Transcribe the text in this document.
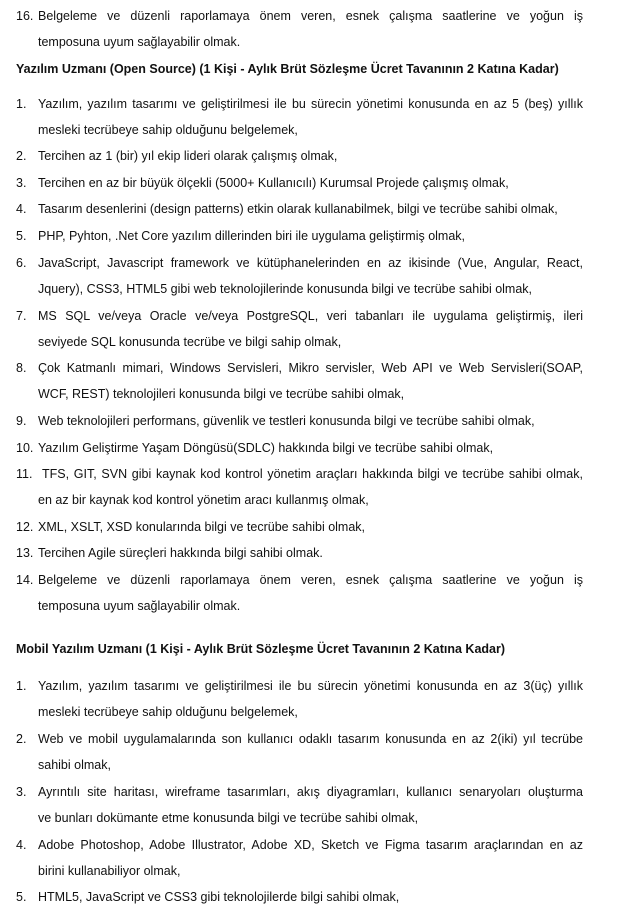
16. Belgeleme ve düzenli raporlamaya önem veren, esnek çalışma saatlerine ve yoğun iş
temposuna uyum sağlayabilir olmak.
Yazılım Uzmanı (Open Source) (1 Kişi - Aylık Brüt Sözleşme Ücret Tavanının 2 Katına Kadar)
1. Yazılım, yazılım tasarımı ve geliştirilmesi ile bu sürecin yönetimi konusunda en az 5 (beş) yıllık
mesleki tecrübeye sahip olduğunu belgelemek,
2. Tercihen az 1 (bir) yıl ekip lideri olarak çalışmış olmak,
3. Tercihen en az bir büyük ölçekli (5000+ Kullanıcılı) Kurumsal Projede çalışmış olmak,
4. Tasarım desenlerini (design patterns) etkin olarak kullanabilmek, bilgi ve tecrübe sahibi olmak,
5. PHP, Pyhton, .Net Core yazılım dillerinden biri ile uygulama geliştirmiş olmak,
6. JavaScript, Javascript framework ve kütüphanelerinden en az ikisinde (Vue, Angular, React,
Jquery), CSS3, HTML5 gibi web teknolojilerinde konusunda bilgi ve tecrübe sahibi olmak,
7. MS SQL ve/veya Oracle ve/veya PostgreSQL, veri tabanları ile uygulama geliştirmiş, ileri
seviyede SQL konusunda tecrübe ve bilgi sahip olmak,
8. Çok Katmanlı mimari, Windows Servisleri, Mikro servisler, Web API ve Web Servisleri(SOAP,
WCF, REST) teknolojileri konusunda bilgi ve tecrübe sahibi olmak,
9. Web teknolojileri performans, güvenlik ve testleri konusunda bilgi ve tecrübe sahibi olmak,
10. Yazılım Geliştirme Yaşam Döngüsü(SDLC) hakkında bilgi ve tecrübe sahibi olmak,
11. TFS, GIT, SVN gibi kaynak kod kontrol yönetim araçları hakkında bilgi ve tecrübe sahibi olmak,
en az bir kaynak kod kontrol yönetim aracı kullanmış olmak,
12. XML, XSLT, XSD konularında bilgi ve tecrübe sahibi olmak,
13. Tercihen Agile süreçleri hakkında bilgi sahibi olmak.
14. Belgeleme ve düzenli raporlamaya önem veren, esnek çalışma saatlerine ve yoğun iş
temposuna uyum sağlayabilir olmak.
Mobil Yazılım Uzmanı (1 Kişi - Aylık Brüt Sözleşme Ücret Tavanının 2 Katına Kadar)
1. Yazılım, yazılım tasarımı ve geliştirilmesi ile bu sürecin yönetimi konusunda en az 3(üç) yıllık
mesleki tecrübeye sahip olduğunu belgelemek,
2. Web ve mobil uygulamalarında son kullanıcı odaklı tasarım konusunda en az 2(iki) yıl tecrübe
sahibi olmak,
3. Ayrıntılı site haritası, wireframe tasarımları, akış diyagramları, kullanıcı senaryoları oluşturma
ve bunları dokümante etme konusunda bilgi ve tecrübe sahibi olmak,
4. Adobe Photoshop, Adobe Illustrator, Adobe XD, Sketch ve Figma tasarım araçlarından en az
birini kullanabiliyor olmak,
5. HTML5, JavaScript ve CSS3 gibi teknolojilerde bilgi sahibi olmak,
